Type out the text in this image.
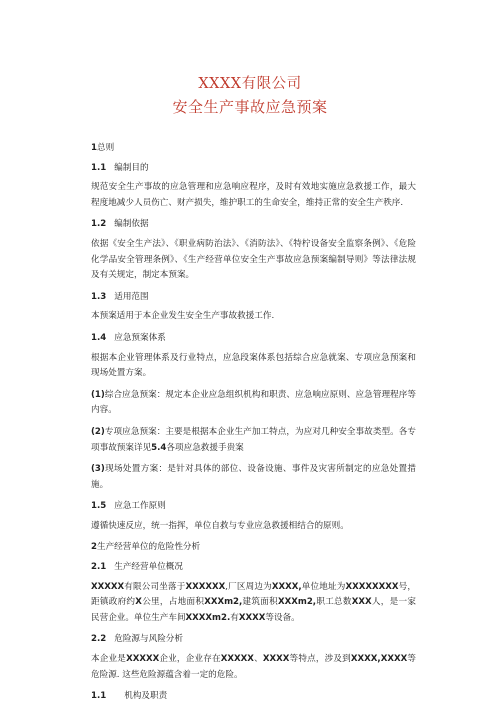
XXXX有限公司
安全生产事故应急预案
1总则
1.1 编制目的
规范安全生产事故的应急管理和应急响应程序，及时有效地实施应急救援工作，最大程度地减少人员伤亡、财产损失，维护职工的生命安全，维持正常的安全生产秩序.
1.2 编制依据
依据《安全生产法》、《职业病防治法》、《消防法》、《特柠设备安全监察条例》、《危险化学品安全管理条例》、《生产经营单位安全生产事故应急预案编制导则》等法律法规及有关规定，制定本预案。
1.3 适用范围
本预案适用于本企业发生安全生产事故救援工作.
1.4 应急预案体系
根据本企业管理体系及行业特点，应急段案体系包括综合应急就案、专项应急预案和现场处置方案。
(1)综合应急预案：规定本企业应急组织机构和职责、应急响应原则、应急管理程序等内容。
(2)专项应急预案：主要是根据本企业生产加工特点，为应对几种安全事故类型。各专项事故预案详见5.4各项应急救援手贵案
(3)现场处置方案：是针对具体的部位、设备设施、事件及灾害所制定的应急处置措施。
1.5 应急工作原则
遵循快速反应，统一指挥，单位自救与专业应急救援相结合的原则。
2生产经营单位的危险性分析
2.1 生产经营单位概况
XXXXX有限公司坐落于XXXXXX,厂区周边为XXXX,单位地址为XXXXXXXX号，距镇政府约X公里，占地面积XXXm2,建筑面积XXXm2,职工总数XXX人，是一家民营企业。单位生产车间XXXXm2.有XXXX等设备。
2.2 危险源与风险分析
本企业是XXXXX企业，企业存在XXXXX、XXXX等特点，涉及到XXXX,XXXX等危险源. 这些危险源蕴含着一定的危险。
1.1 机构及职责
